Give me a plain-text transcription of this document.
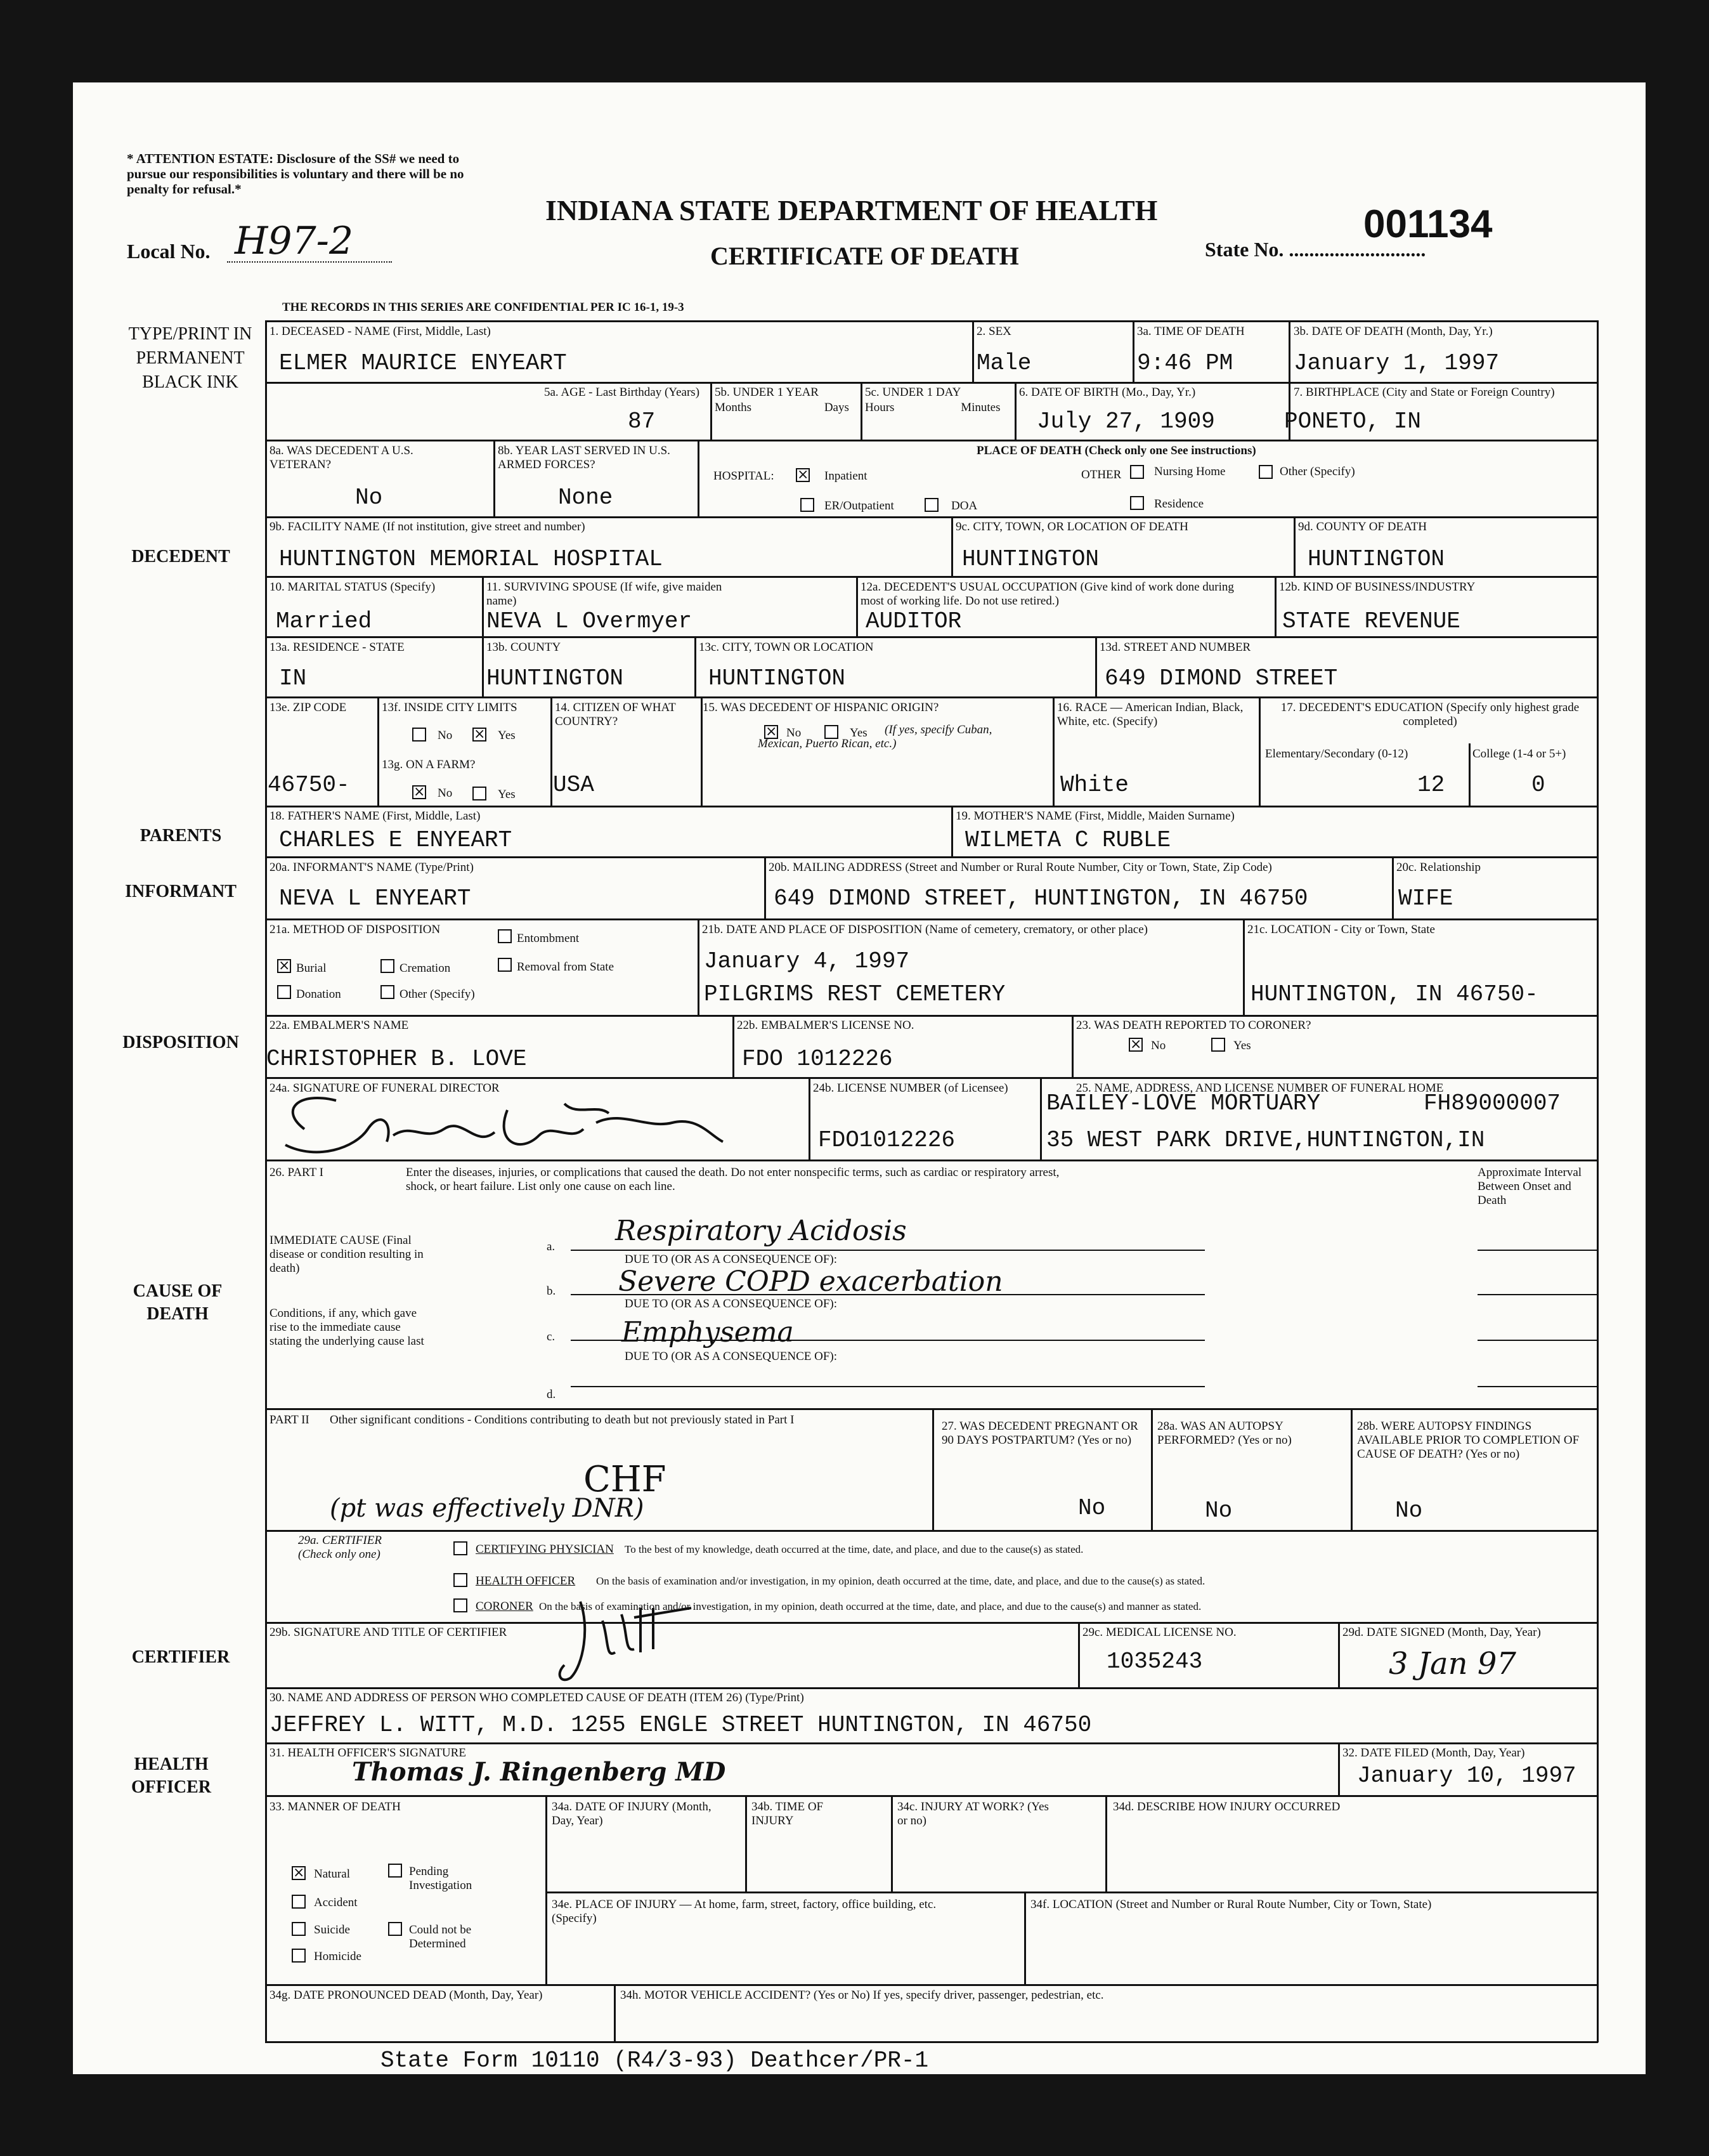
* ATTENTION ESTATE: Disclosure of the SS# we need to pursue our responsibilities is voluntary and there will be no penalty for refusal.*
Local No. H97-2
INDIANA STATE DEPARTMENT OF HEALTH
CERTIFICATE OF DEATH	State No. ...........................
001134
THE RECORDS IN THIS SERIES ARE CONFIDENTIAL PER IC 16-1, 19-3
TYPE/PRINT IN PERMANENT BLACK INK
DECEDENT
PARENTS
INFORMANT
DISPOSITION
CAUSE OF DEATH
CERTIFIER
HEALTH OFFICER
1. DECEASED - NAME (First, Middle, Last)
ELMER MAURICE ENYEART
2. SEX
Male
3a. TIME OF DEATH
9:46 PM
3b. DATE OF DEATH (Month, Day, Yr.)
January 1, 1997
5a. AGE - Last Birthday (Years)
87
5b. UNDER 1 YEAR
Months Days
5c. UNDER 1 DAY
Hours Minutes
6. DATE OF BIRTH (Mo., Day, Yr.)
July 27, 1909
7. BIRTHPLACE (City and State or Foreign Country)
PONETO, IN
8a. WAS DECEDENT A U.S. VETERAN?
No
8b. YEAR LAST SERVED IN U.S. ARMED FORCES?
None
PLACE OF DEATH (Check only one See instructions)
HOSPITAL: × Inpatient
ER/Outpatient	DOA
OTHER	Nursing Home	Other (Specify)
Residence
9b. FACILITY NAME (If not institution, give street and number)
HUNTINGTON MEMORIAL HOSPITAL
9c. CITY, TOWN, OR LOCATION OF DEATH
HUNTINGTON
9d. COUNTY OF DEATH
HUNTINGTON
10. MARITAL STATUS (Specify)
Married
11. SURVIVING SPOUSE (If wife, give maiden name)
NEVA L Overmyer
12a. DECEDENT'S USUAL OCCUPATION (Give kind of work done during most of working life. Do not use retired.)
AUDITOR
12b. KIND OF BUSINESS/INDUSTRY
STATE REVENUE
13a. RESIDENCE - STATE
IN
13b. COUNTY
HUNTINGTON
13c. CITY, TOWN OR LOCATION
HUNTINGTON
13d. STREET AND NUMBER
649 DIMOND STREET
13e. ZIP CODE
46750-
13f. INSIDE CITY LIMITS
No × Yes
13g. ON A FARM?
× No	Yes
14. CITIZEN OF WHAT COUNTRY?
USA
15. WAS DECEDENT OF HISPANIC ORIGIN?
× No	Yes	(If yes, specify Cuban, Mexican, Puerto Rican, etc.)
16. RACE — American Indian, Black, White, etc. (Specify)
White
17. DECEDENT'S EDUCATION (Specify only highest grade completed)
Elementary/Secondary (0-12)
12
College (1-4 or 5+)
0
18. FATHER'S NAME (First, Middle, Last)
CHARLES E ENYEART
19. MOTHER'S NAME (First, Middle, Maiden Surname)
WILMETA C RUBLE
20a. INFORMANT'S NAME (Type/Print)
NEVA L ENYEART
20b. MAILING ADDRESS (Street and Number or Rural Route Number, City or Town, State, Zip Code)
649 DIMOND STREET, HUNTINGTON, IN 46750
20c. Relationship
WIFE
21a. METHOD OF DISPOSITION
× Burial	Cremation
Donation	Other (Specify)
Entombment
Removal from State
21b. DATE AND PLACE OF DISPOSITION (Name of cemetery, crematory, or other place)
January 4, 1997
PILGRIMS REST CEMETERY
21c. LOCATION - City or Town, State
HUNTINGTON, IN 46750-
22a. EMBALMER'S NAME
CHRISTOPHER B. LOVE
22b. EMBALMER'S LICENSE NO.
FDO 1012226
23. WAS DEATH REPORTED TO CORONER?
× No	Yes
24a. SIGNATURE OF FUNERAL DIRECTOR	24b. LICENSE NUMBER (of Licensee)
FDO1012226
25. NAME, ADDRESS, AND LICENSE NUMBER OF FUNERAL HOME
BAILEY-LOVE MORTUARY	FH89000007
35 WEST PARK DRIVE,HUNTINGTON,IN
26. PART I	Enter the diseases, injuries, or complications that caused the death. Do not enter nonspecific terms, such as cardiac or respiratory arrest, shock, or heart failure. List only one cause on each line.
Approximate Interval Between Onset and Death
IMMEDIATE CAUSE (Final disease or condition resulting in death)
Conditions, if any, which gave rise to the immediate cause stating the underlying cause last
a.
b.
c.
d.
Respiratory Acidosis
DUE TO (OR AS A CONSEQUENCE OF):
Severe COPD exacerbation
DUE TO (OR AS A CONSEQUENCE OF):
Emphysema
DUE TO (OR AS A CONSEQUENCE OF):
PART II Other significant conditions - Conditions contributing to death but not previously stated in Part I
CHF
(pt was effectively DNR)
27. WAS DECEDENT PREGNANT OR 90 DAYS POSTPARTUM? (Yes or no)
No
28a. WAS AN AUTOPSY PERFORMED? (Yes or no)
No
28b. WERE AUTOPSY FINDINGS AVAILABLE PRIOR TO COMPLETION OF CAUSE OF DEATH? (Yes or no)
No
29a. CERTIFIER (Check only one)	CERTIFYING PHYSICIAN To the best of my knowledge, death occurred at the time, date, and place, and due to the cause(s) as stated.
HEALTH OFFICER On the basis of examination and/or investigation, in my opinion, death occurred at the time, date, and place, and due to the cause(s) as stated.
CORONER On the basis of examination and/or investigation, in my opinion, death occurred at the time, date, and place, and due to the cause(s) and manner as stated.
29b. SIGNATURE AND TITLE OF CERTIFIER	29c. MEDICAL LICENSE NO.
1035243
29d. DATE SIGNED (Month, Day, Year)
3 Jan 97
30. NAME AND ADDRESS OF PERSON WHO COMPLETED CAUSE OF DEATH (ITEM 26) (Type/Print)
JEFFREY L. WITT, M.D. 1255 ENGLE STREET HUNTINGTON, IN 46750
31. HEALTH OFFICER'S SIGNATURE
Thomas J. Ringenberg MD
32. DATE FILED (Month, Day, Year)
January 10, 1997
33. MANNER OF DEATH
× Natural
Accident
Suicide
Homicide
Pending Investigation
Could not be Determined
34a. DATE OF INJURY (Month, Day, Year)
34b. TIME OF INJURY
34c. INJURY AT WORK? (Yes or no)
34d. DESCRIBE HOW INJURY OCCURRED
34e. PLACE OF INJURY — At home, farm, street, factory, office building, etc. (Specify)
34f. LOCATION (Street and Number or Rural Route Number, City or Town, State)
34g. DATE PRONOUNCED DEAD (Month, Day, Year)	34h. MOTOR VEHICLE ACCIDENT? (Yes or No) If yes, specify driver, passenger, pedestrian, etc.
State Form 10110 (R4/3-93) Deathcer/PR-1
